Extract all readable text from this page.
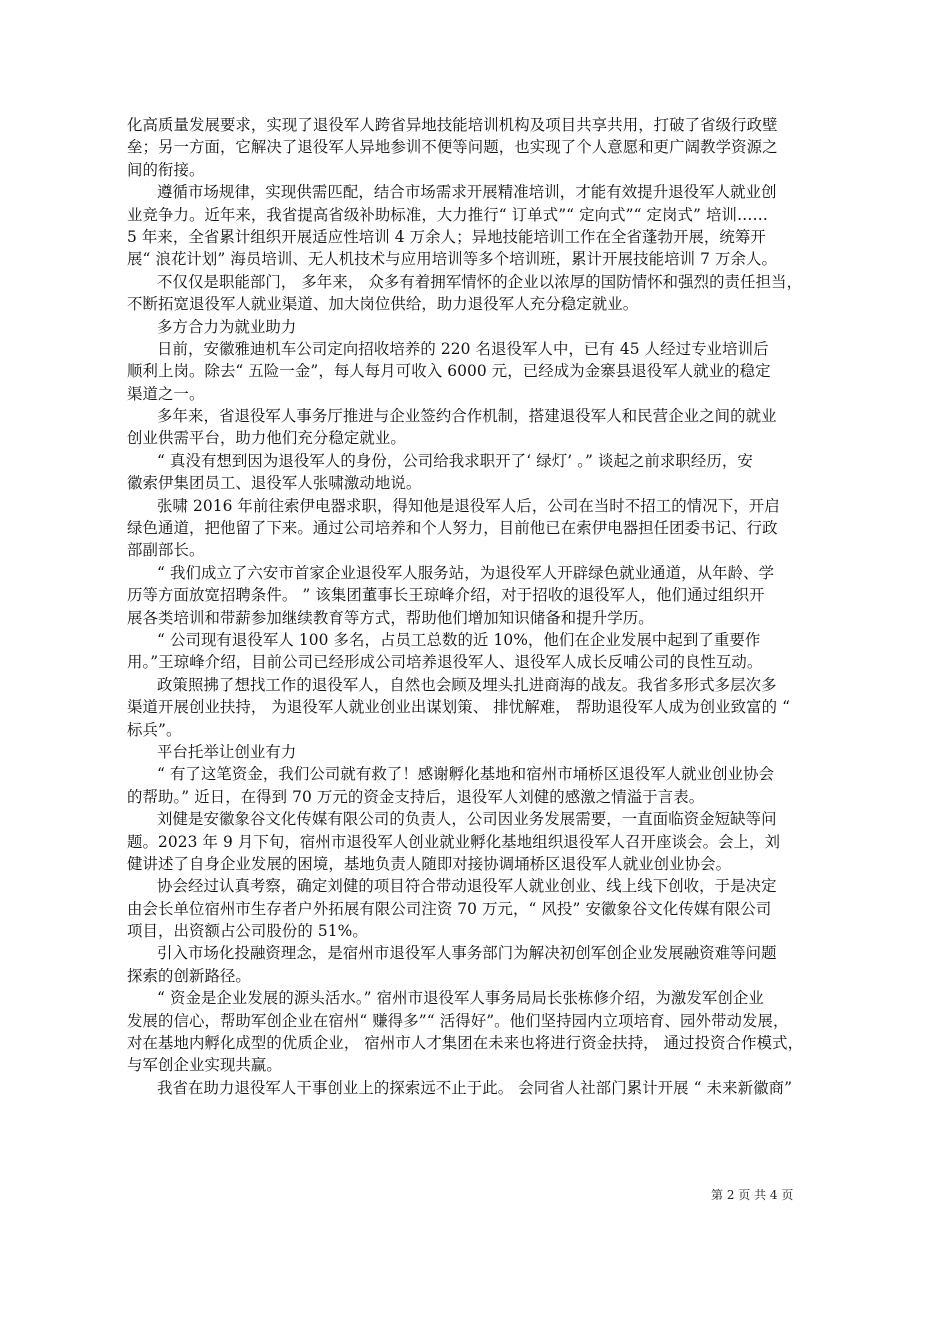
化高质量发展要求，实现了退役军人跨省异地技能培训机构及项目共享共用，打破了省级行政壁
垒；另一方面，它解决了退役军人异地参训不便等问题，也实现了个人意愿和更广阔教学资源之
间的衔接。
遵循市场规律，实现供需匹配，结合市场需求开展精准培训，才能有效提升退役军人就业创
业竞争力。近年来，我省提高省级补助标准，大力推行“ 订单式”“ 定向式”“ 定岗式” 培训……
5 年来，全省累计组织开展适应性培训 4 万余人；异地技能培训工作在全省蓬勃开展，统筹开
展“ 浪花计划” 海员培训、无人机技术与应用培训等多个培训班，累计开展技能培训 7 万余人。
不仅仅是职能部门， 多年来， 众多有着拥军情怀的企业以浓厚的国防情怀和强烈的责任担当，
不断拓宽退役军人就业渠道、加大岗位供给，助力退役军人充分稳定就业。
多方合力为就业助力
日前，安徽雅迪机车公司定向招收培养的 220 名退役军人中，已有 45 人经过专业培训后
顺利上岗。除去“ 五险一金”，每人每月可收入 6000 元，已经成为金寨县退役军人就业的稳定
渠道之一。
多年来，省退役军人事务厅推进与企业签约合作机制，搭建退役军人和民营企业之间的就业
创业供需平台，助力他们充分稳定就业。
“ 真没有想到因为退役军人的身份，公司给我求职开了‘ 绿灯’ 。” 谈起之前求职经历，安
徽索伊集团员工、退役军人张啸激动地说。
张啸 2016 年前往索伊电器求职，得知他是退役军人后，公司在当时不招工的情况下，开启
绿色通道，把他留了下来。通过公司培养和个人努力，目前他已在索伊电器担任团委书记、行政
部副部长。
“ 我们成立了六安市首家企业退役军人服务站，为退役军人开辟绿色就业通道，从年龄、学
历等方面放宽招聘条件。 ” 该集团董事长王琼峰介绍，对于招收的退役军人，他们通过组织开
展各类培训和带薪参加继续教育等方式，帮助他们增加知识储备和提升学历。
“ 公司现有退役军人 100 多名，占员工总数的近 10%，他们在企业发展中起到了重要作
用。”王琼峰介绍，目前公司已经形成公司培养退役军人、退役军人成长反哺公司的良性互动。
政策照拂了想找工作的退役军人，自然也会顾及埋头扎进商海的战友。我省多形式多层次多
渠道开展创业扶持， 为退役军人就业创业出谋划策、 排忧解难， 帮助退役军人成为创业致富的 “
标兵”。
平台托举让创业有力
“ 有了这笔资金，我们公司就有救了！感谢孵化基地和宿州市埇桥区退役军人就业创业协会
的帮助。” 近日，在得到 70 万元的资金支持后，退役军人刘健的感激之情溢于言表。
刘健是安徽象谷文化传媒有限公司的负责人，公司因业务发展需要，一直面临资金短缺等问
题。2023 年 9 月下旬，宿州市退役军人创业就业孵化基地组织退役军人召开座谈会。会上，刘
健讲述了自身企业发展的困境，基地负责人随即对接协调埇桥区退役军人就业创业协会。
协会经过认真考察，确定刘健的项目符合带动退役军人就业创业、线上线下创收，于是决定
由会长单位宿州市生存者户外拓展有限公司注资 70 万元，“ 风投” 安徽象谷文化传媒有限公司
项目，出资额占公司股份的 51%。
引入市场化投融资理念，是宿州市退役军人事务部门为解决初创军创企业发展融资难等问题
探索的创新路径。
“ 资金是企业发展的源头活水。” 宿州市退役军人事务局局长张栋修介绍，为激发军创企业
发展的信心，帮助军创企业在宿州“ 赚得多”“ 活得好”。他们坚持园内立项培育、园外带动发展，
对在基地内孵化成型的优质企业， 宿州市人才集团在未来也将进行资金扶持， 通过投资合作模式，
与军创企业实现共赢。
我省在助力退役军人干事创业上的探索远不止于此。 会同省人社部门累计开展 “ 未来新徽商”
第 2 页 共 4 页
